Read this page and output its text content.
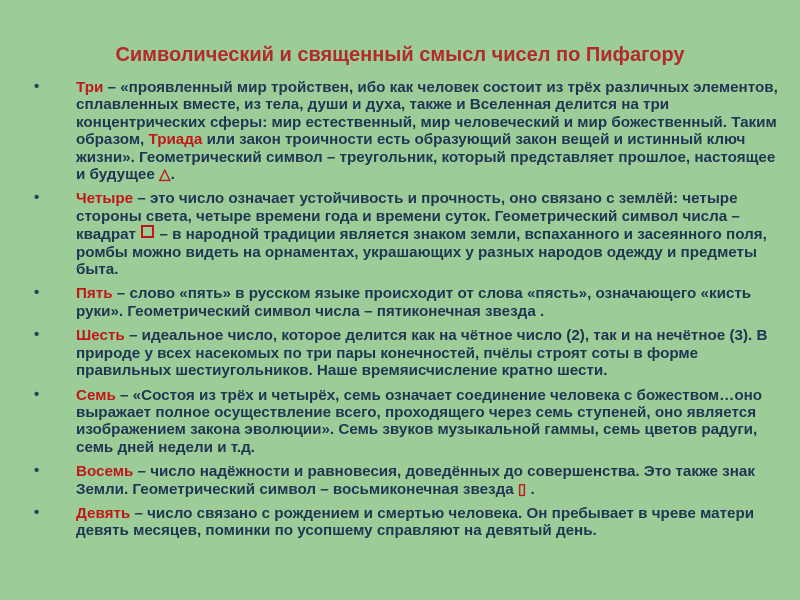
Символический и священный смысл чисел по Пифагору
• Три – «проявленный мир тройствен, ибо как человек состоит из трёх различных элементов, сплавленных вместе, из тела, души и духа, также и Вселенная делится на три концентрических сферы: мир естественный, мир человеческий и мир божественный. Таким образом, Триада или закон троичности есть образующий закон вещей и истинный ключ жизни». Геометрический символ – треугольник, который представляет прошлое, настоящее и будущее △.
• Четыре – это число означает устойчивость и прочность, оно связано с землёй: четыре стороны света, четыре времени года и времени суток. Геометрический символ числа – квадрат  – в народной традиции является знаком земли, вспаханного и засеянного поля, ромбы можно видеть на орнаментах, украшающих у разных народов одежду и предметы быта.
• Пять – слово «пять» в русском языке происходит от слова «пясть», означающего «кисть руки». Геометрический символ числа – пятиконечная звезда .
• Шесть – идеальное число, которое делится как на чётное число (2), так и на нечётное (3). В природе у всех насекомых по три пары конечностей, пчёлы строят соты в форме правильных шестиугольников. Наше времяисчисление кратно шести.
• Семь – «Состоя из трёх и четырёх, семь означает соединение человека с божеством…оно выражает полное осуществление всего, проходящего через семь ступеней, оно является изображением закона эволюции». Семь звуков музыкальной гаммы, семь цветов радуги, семь дней недели и т.д.
• Восемь – число надёжности и равновесия, доведённых до совершенства. Это также знак Земли. Геометрический символ – восьмиконечная звезда ▯ .
• Девять – число связано с рождением и смертью человека. Он пребывает в чреве матери девять месяцев, поминки по усопшему справляют на девятый день.
